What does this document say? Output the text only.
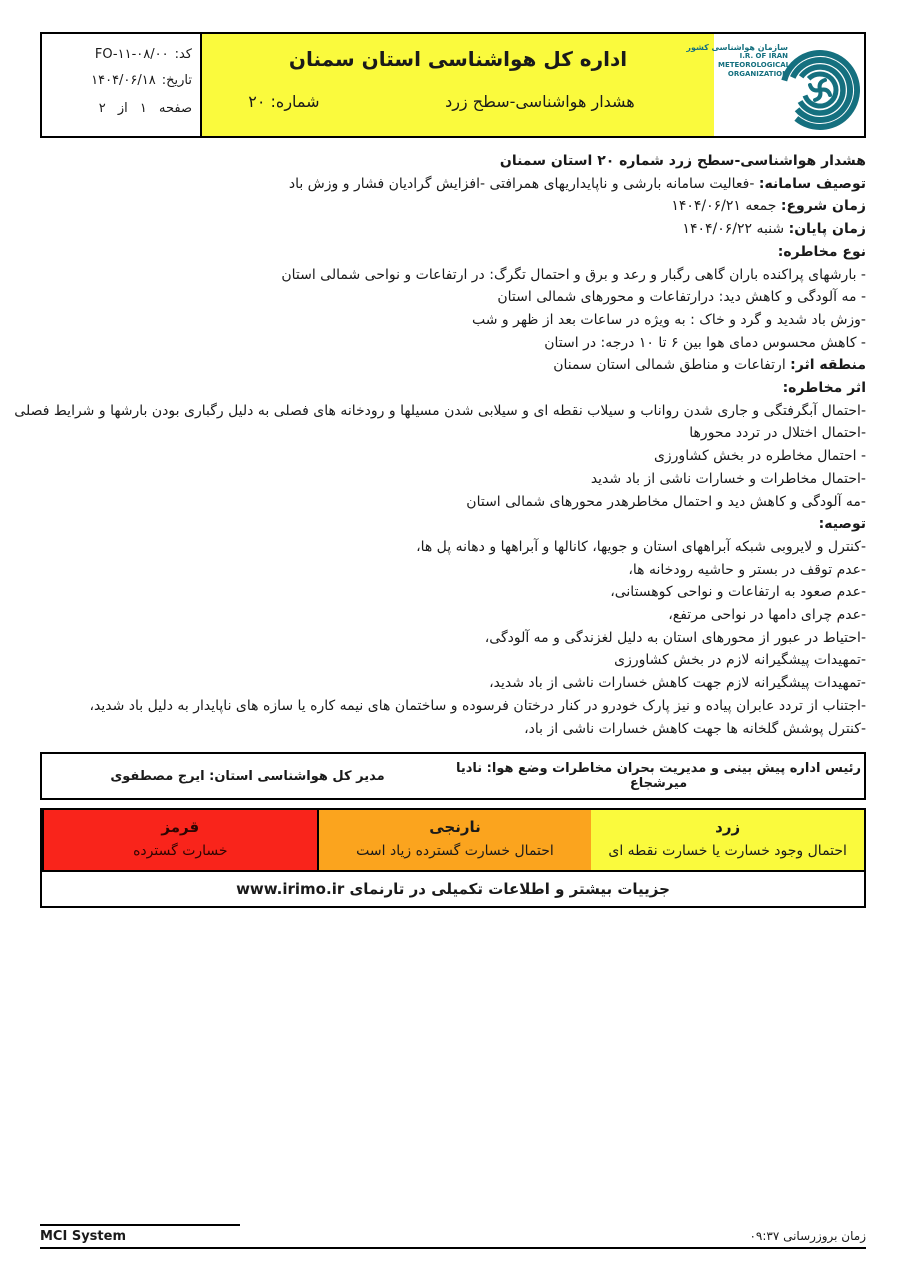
کد:FO-۱۱-۰۸/۰۰
تاریخ:۱۴۰۴/۰۶/۱۸
صفحه ۱ از ۲
اداره کل هواشناسی استان سمنان
هشدار هواشناسی-سطح زرد
شماره: ۲۰
سازمان هواشناسی کشور
I.R. OF IRAN
METEOROLOGICAL
ORGANIZATION
هشدار هواشناسی-سطح زرد شماره ۲۰ استان سمنان
توصیف سامانه: -فعالیت سامانه بارشی و ناپایداریهای همرافتی -افزایش گرادیان فشار و وزش باد
زمان شروع: جمعه ۱۴۰۴/۰۶/۲۱
زمان پایان: شنبه ۱۴۰۴/۰۶/۲۲
نوع مخاطره:
- بارشهای پراکنده باران گاهی رگبار و رعد و برق و احتمال تگرگ: در ارتفاعات و نواحی شمالی استان
- مه آلودگی و کاهش دید: درارتفاعات و محورهای شمالی استان
-وزش باد شدید و گرد و خاک : به ویژه در ساعات بعد از ظهر و شب
- کاهش محسوس دمای هوا بین ۶ تا ۱۰ درجه: در استان
منطقه اثر: ارتفاعات و مناطق شمالی استان سمنان
اثر مخاطره:
-احتمال آبگرفتگی و جاری شدن رواناب و سیلاب نقطه ای و سیلابی شدن مسیلها و رودخانه های فصلی به دلیل رگباری بودن بارشها و شرایط فصلی
-احتمال اختلال در تردد محورها
- احتمال مخاطره در بخش کشاورزی
-احتمال مخاطرات و خسارات ناشی از باد شدید
-مه آلودگی و کاهش دید و احتمال مخاطرهدر محورهای شمالی استان
توصیه:
-کنترل و لایروبی شبکه آبراههای استان و جویها، کانالها و آبراهها و دهانه پل ها،
-عدم توقف در بستر و حاشیه رودخانه ها،
-عدم صعود به ارتفاعات و نواحی کوهستانی،
-عدم چرای دامها در نواحی مرتفع،
-احتیاط در عبور از محورهای استان به دلیل لغزندگی و مه آلودگی،
-تمهیدات پیشگیرانه لازم در بخش کشاورزی
-تمهیدات پیشگیرانه لازم جهت کاهش خسارات ناشی از باد شدید،
-اجتناب از تردد عابران پیاده و نیز پارک خودرو در کنار درختان فرسوده و ساختمان های نیمه کاره یا سازه های ناپایدار به دلیل باد شدید،
-کنترل پوشش گلخانه ها جهت کاهش خسارات ناشی از باد،
رئیس اداره پیش بینی و مدیریت بحران مخاطرات وضع هوا: نادیا میرشجاع
مدیر کل هواشناسی استان: ایرج مصطفوی
زرد
احتمال وجود خسارت یا خسارت نقطه ای
نارنجی
احتمال خسارت گسترده زیاد است
قرمز
خسارت گسترده
جزییات بیشتر و اطلاعات تکمیلی در تارنمای www.irimo.ir
MCI System	زمان بروزرسانی ۰۹:۳۷
